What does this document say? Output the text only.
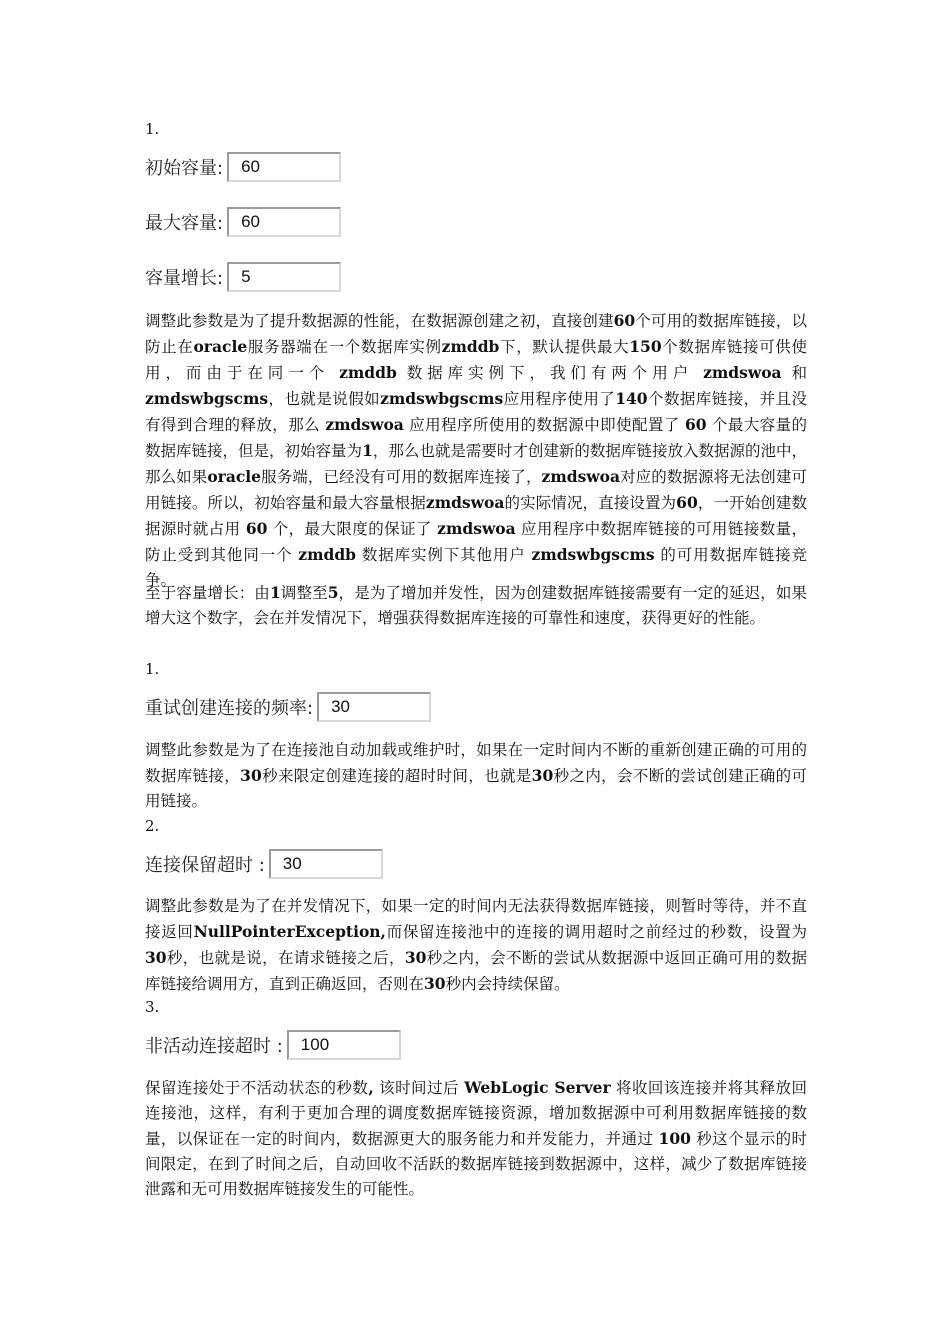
1.
初始容量:
60
最大容量:
60
容量增长:
5
调整此参数是为了提升数据源的性能，在数据源创建之初，直接创建60个可用的数据库链接，以防止在oracle服务器端在一个数据库实例zmddb下，默认提供最大150个数据库链接可供使用，而由于在同一个 zmddb 数据库实例下，我们有两个用户 zmdswoa 和 zmdswbgscms，也就是说假如zmdswbgscms应用程序使用了140个数据库链接，并且没有得到合理的释放，那么 zmdswoa 应用程序所使用的数据源中即使配置了 60 个最大容量的数据库链接，但是，初始容量为1，那么也就是需要时才创建新的数据库链接放入数据源的池中，那么如果oracle服务端，已经没有可用的数据库连接了，zmdswoa对应的数据源将无法创建可用链接。所以，初始容量和最大容量根据zmdswoa的实际情况，直接设置为60，一开始创建数据源时就占用 60 个，最大限度的保证了 zmdswoa 应用程序中数据库链接的可用链接数量，防止受到其他同一个 zmddb 数据库实例下其他用户 zmdswbgscms 的可用数据库链接竞争。
至于容量增长：由1调整至5，是为了增加并发性，因为创建数据库链接需要有一定的延迟，如果增大这个数字，会在并发情况下，增强获得数据库连接的可靠性和速度，获得更好的性能。
1.
重试创建连接的频率:
30
调整此参数是为了在连接池自动加载或维护时，如果在一定时间内不断的重新创建正确的可用的数据库链接，30秒来限定创建连接的超时时间，也就是30秒之内，会不断的尝试创建正确的可用链接。
2.
连接保留超时 :
30
调整此参数是为了在并发情况下，如果一定的时间内无法获得数据库链接，则暂时等待，并不直接返回NullPointerException,而保留连接池中的连接的调用超时之前经过的秒数，设置为30秒，也就是说，在请求链接之后，30秒之内，会不断的尝试从数据源中返回正确可用的数据库链接给调用方，直到正确返回，否则在30秒内会持续保留。
3.
非活动连接超时 :
100
保留连接处于不活动状态的秒数, 该时间过后 WebLogic Server 将收回该连接并将其释放回连接池，这样，有利于更加合理的调度数据库链接资源，增加数据源中可利用数据库链接的数量，以保证在一定的时间内，数据源更大的服务能力和并发能力，并通过 100 秒这个显示的时间限定，在到了时间之后，自动回收不活跃的数据库链接到数据源中，这样，减少了数据库链接泄露和无可用数据库链接发生的可能性。
